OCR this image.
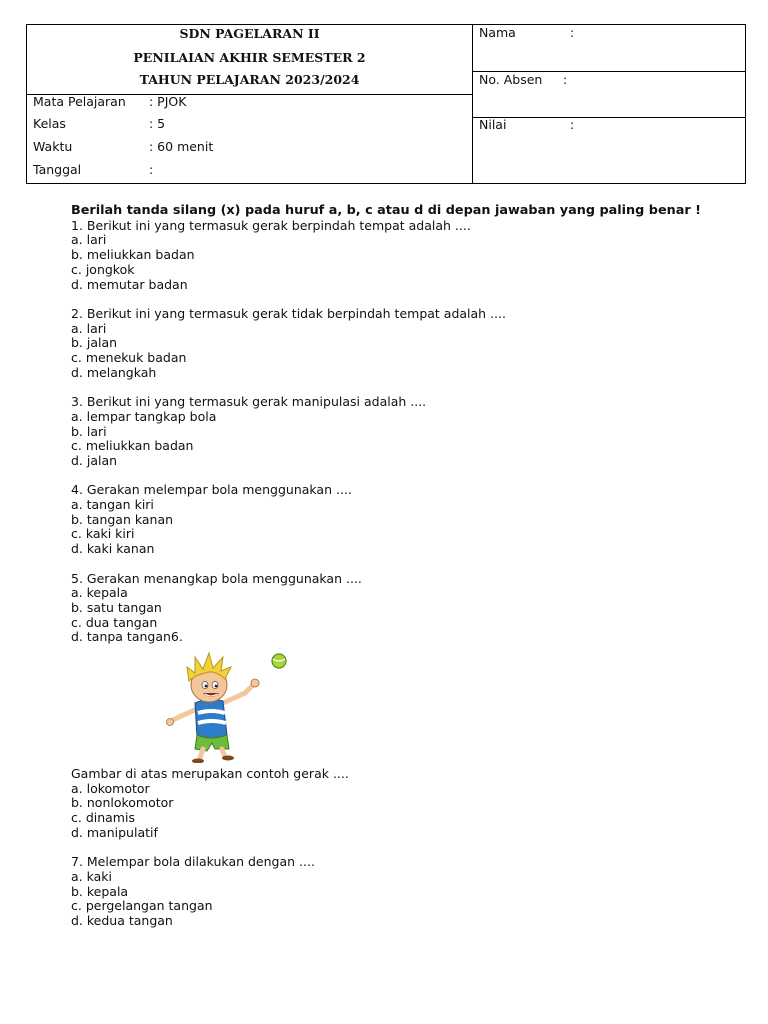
SDN PAGELARAN II
PENILAIAN AKHIR SEMESTER 2
TAHUN PELAJARAN 2023/2024
Mata Pelajaran	: PJOK
Kelas	: 5
Waktu	: 60 menit
Tanggal	:
Nama	:
No. Absen :
Nilai	:

Berilah tanda silang (x) pada huruf a, b, c atau d di depan jawaban yang paling benar !

1. Berikut ini yang termasuk gerak berpindah tempat adalah ....

a. lari

b. meliukkan badan

c. jongkok

d. memutar badan

2. Berikut ini yang termasuk gerak tidak berpindah tempat adalah ....

a. lari

b. jalan

c. menekuk badan

d. melangkah

3. Berikut ini yang termasuk gerak manipulasi adalah ....

a. lempar tangkap bola

b. lari

c. meliukkan badan

d. jalan

4. Gerakan melempar bola menggunakan ....

a. tangan kiri

b. tangan kanan

c. kaki kiri

d. kaki kanan

5. Gerakan menangkap bola menggunakan ....

a. kepala

b. satu tangan

c. dua tangan

d. tanpa tangan6.

Gambar di atas merupakan contoh gerak ....

a. lokomotor

b. nonlokomotor

c. dinamis

d. manipulatif

7. Melempar bola dilakukan dengan ....

a. kaki

b. kepala

c. pergelangan tangan

d. kedua tangan
